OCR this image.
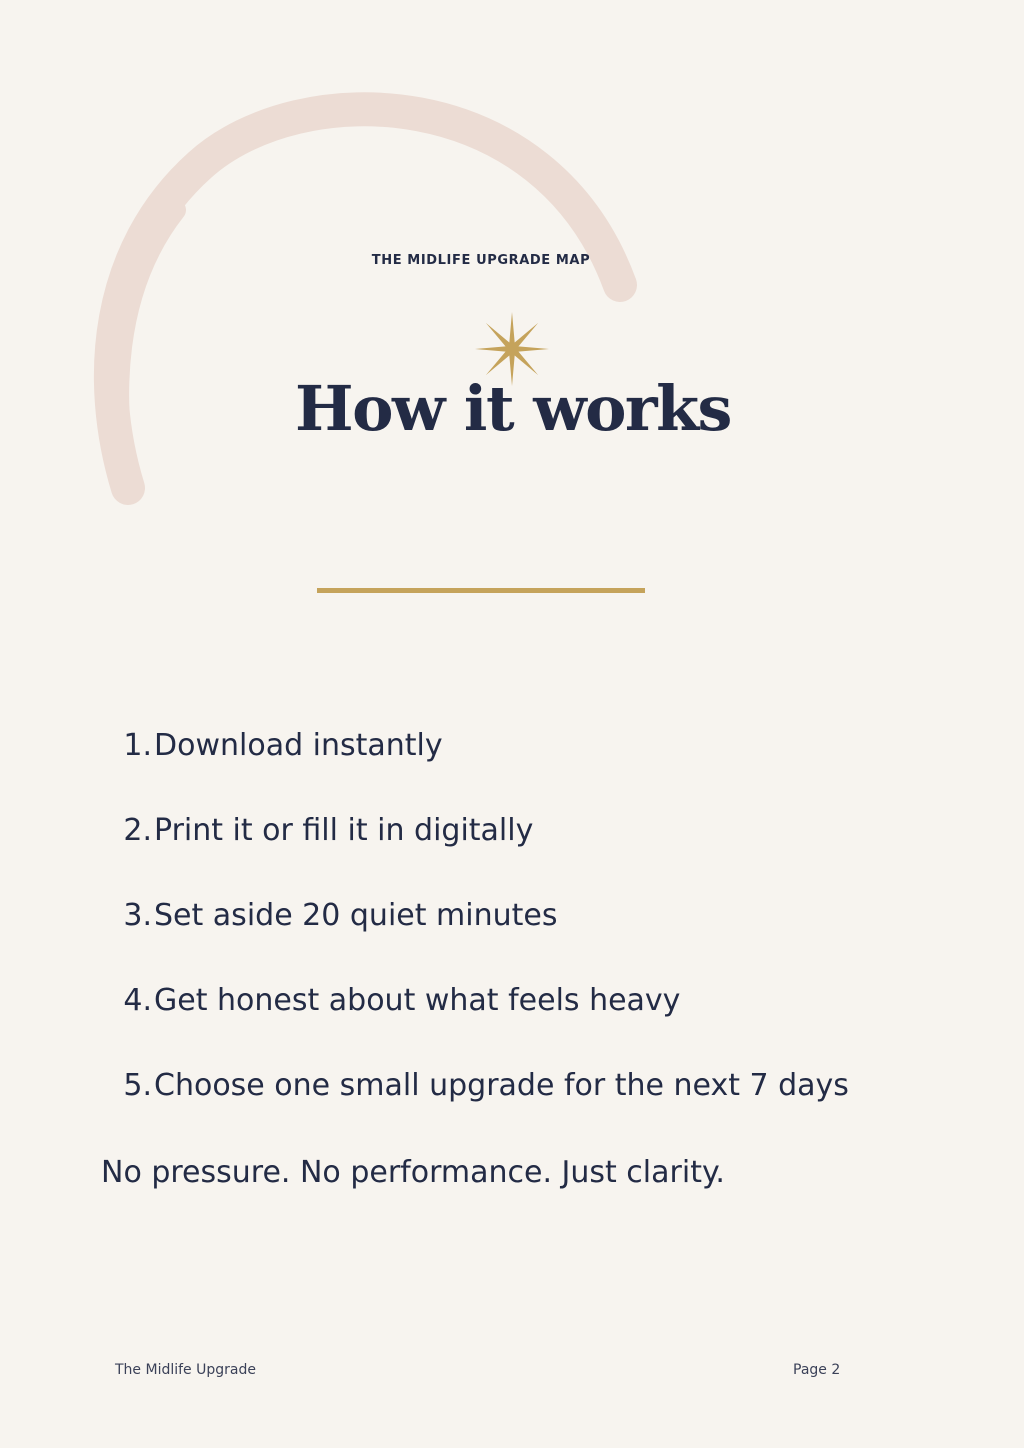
THE MIDLIFE UPGRADE MAP
How it works
1. Download instantly
2. Print it or fill it in digitally
3. Set aside 20 quiet minutes
4. Get honest about what feels heavy
5. Choose one small upgrade for the next 7 days
No pressure. No performance. Just clarity.
The Midlife Upgrade	Page 2
